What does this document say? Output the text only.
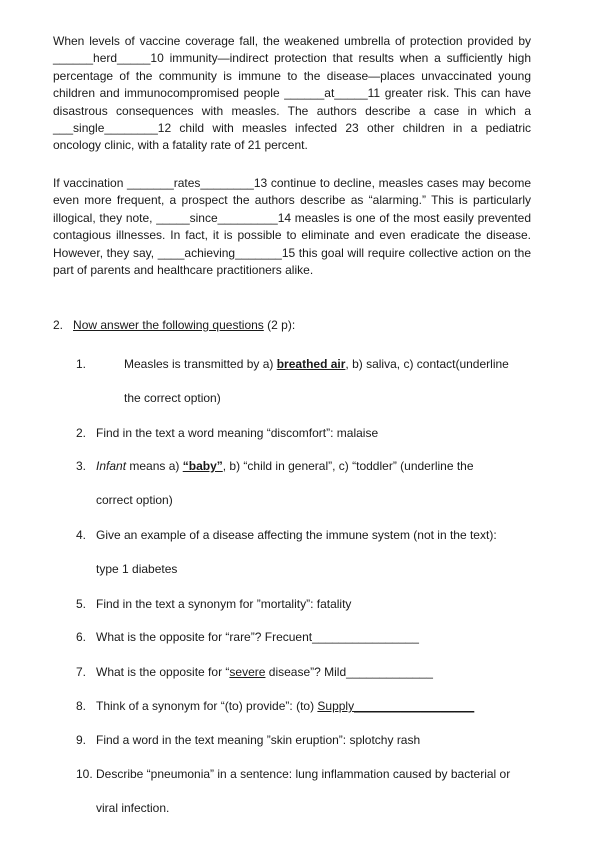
When levels of vaccine coverage fall, the weakened umbrella of protection provided by ______herd_____10 immunity—indirect protection that results when a sufficiently high percentage of the community is immune to the disease—places unvaccinated young children and immunocompromised people ______at_____11 greater risk. This can have disastrous consequences with measles. The authors describe a case in which a ___single________12 child with measles infected 23 other children in a pediatric oncology clinic, with a fatality rate of 21 percent.

If vaccination _______rates________13 continue to decline, measles cases may become even more frequent, a prospect the authors describe as “alarming.” This is particularly illogical, they note, _____since_________14 measles is one of the most easily prevented contagious illnesses. In fact, it is possible to eliminate and even eradicate the disease. However, they say, ____achieving_______15 this goal will require collective action on the part of parents and healthcare practitioners alike.

2. Now answer the following questions (2 p):

1.	Measles is transmitted by a) breathed air, b) saliva, c) contact(underline

the correct option)

2. Find in the text a word meaning “discomfort”: malaise

3. Infant means a) “baby”, b) “child in general”, c) “toddler” (underline the

correct option)

4. Give an example of a disease affecting the immune system (not in the text):

type 1 diabetes

5. Find in the text a synonym for ”mortality”: fatality

6. What is the opposite for “rare”? Frecuent________________

7. What is the opposite for “severe disease”? Mild_____________

8. Think of a synonym for “(to) provide”: (to) Supply__________________

9. Find a word in the text meaning ”skin eruption”: splotchy rash

10. Describe “pneumonia” in a sentence: lung inflammation caused by bacterial or

viral infection.
